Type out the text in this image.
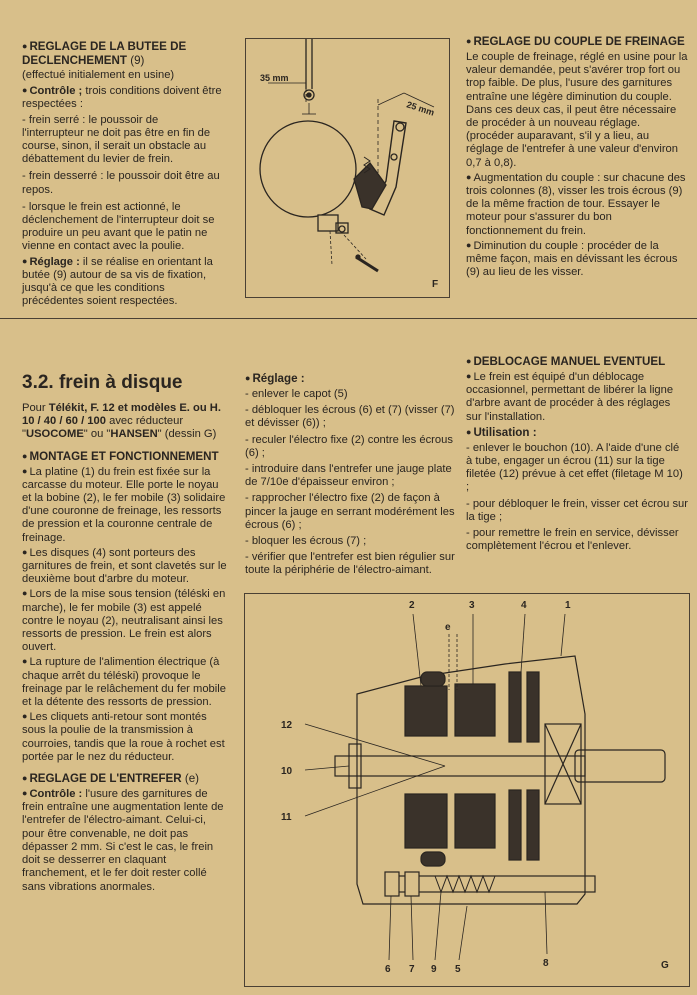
● REGLAGE DE LA BUTEE DE DECLENCHEMENT (9)

(effectué initialement en usine)

● Contrôle ; trois conditions doivent être respectées :

- frein serré : le poussoir de l'interrupteur ne doit pas être en fin de course, sinon, il serait un obstacle au débattement du levier de frein.

- frein desserré : le poussoir doit être au repos.

- lorsque le frein est actionné, le déclenchement de l'interrupteur doit se produire un peu avant que le patin ne vienne en contact avec la poulie.

● Réglage : il se réalise en orientant la butée (9) autour de sa vis de fixation, jusqu'à ce que les conditions précédentes soient respectées.

35 mm
25 mm
F

● REGLAGE DU COUPLE DE FREINAGE

Le couple de freinage, réglé en usine pour la valeur demandée, peut s'avérer trop fort ou trop faible. De plus, l'usure des garnitures entraîne une légère diminution du couple. Dans ces deux cas, il peut être nécessaire de procéder à un nouveau réglage. (procéder auparavant, s'il y a lieu, au réglage de l'entrefer à une valeur d'environ 0,7 à 0,8).

● Augmentation du couple : sur chacune des trois colonnes (8), visser les trois écrous (9) de la même fraction de tour. Essayer le moteur pour s'assurer du bon fonctionnement du frein.

● Diminution du couple : procéder de la même façon, mais en dévissant les écrous (9) au lieu de les visser.

3.2. frein à disque

Pour Télékit, F. 12 et modèles E. ou H. 10 / 40 / 60 / 100 avec réducteur "USOCOME" ou "HANSEN" (dessin G)

● MONTAGE ET FONCTIONNEMENT

● La platine (1) du frein est fixée sur la carcasse du moteur. Elle porte le noyau et la bobine (2), le fer mobile (3) solidaire d'une couronne de freinage, les ressorts de pression et la couronne centrale de freinage.

● Les disques (4) sont porteurs des garnitures de frein, et sont clavetés sur le deuxième bout d'arbre du moteur.

● Lors de la mise sous tension (téléski en marche), le fer mobile (3) est appelé contre le noyau (2), neutralisant ainsi les ressorts de pression. Le frein est alors ouvert.

● La rupture de l'alimention électrique (à chaque arrêt du téléski) provoque le freinage par le relâchement du fer mobile et la détente des ressorts de pression.

● Les cliquets anti-retour sont montés sous la poulie de la transmission à courroies, tandis que la roue à rochet est portée par le nez du réducteur.

● REGLAGE DE L'ENTREFER (e)

● Contrôle : l'usure des garnitures de frein entraîne une augmentation lente de l'entrefer de l'électro-aimant. Celui-ci, pour être convenable, ne doit pas dépasser 2 mm. Si c'est le cas, le frein doit se desserrer en claquant franchement, et le fer doit rester collé sans vibrations anormales.

● Réglage :

- enlever le capot (5)

- débloquer les écrous (6) et (7) (visser (7) et dévisser (6)) ;

- reculer l'électro fixe (2) contre les écrous (6) ;

- introduire dans l'entrefer une jauge plate de 7/10e d'épaisseur environ ;

- rapprocher l'électro fixe (2) de façon à pincer la jauge en serrant modérément les écrous (6) ;

- bloquer les écrous (7) ;

- vérifier que l'entrefer est bien régulier sur toute la périphérie de l'électro-aimant.

● DEBLOCAGE MANUEL EVENTUEL

● Le frein est équipé d'un déblocage occasionnel, permettant de libérer la ligne d'arbre avant de procéder à des réglages sur l'installation.

● Utilisation :

- enlever le bouchon (10). A l'aide d'une clé à tube, engager un écrou (11) sur la tige filetée (12) prévue à cet effet (filetage M 10) ;

- pour débloquer le frein, visser cet écrou sur la tige ;

- pour remettre le frein en service, dévisser complètement l'écrou et l'enlever.

2	3	4	1
e
12
10
11
6 7 9 5
8	G
